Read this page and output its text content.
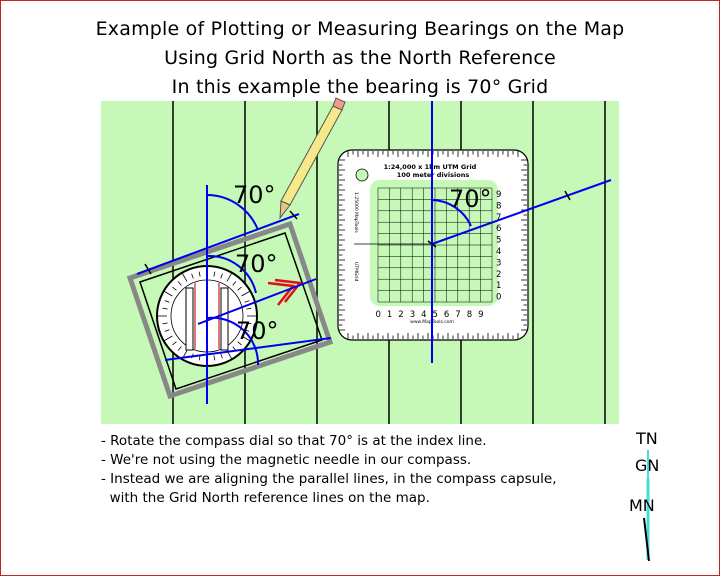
Example of Plotting or Measuring Bearings on the Map
Using Grid North as the North Reference
In this example the bearing is 70° Grid
1:24,000 x 1km UTM Grid
100 meter divisions
www.MapTools.com
1:25000 MapTools
UTMGrid
9
8
7
6
5
4
3
2
1
0
0 1 2 3 4 5 6 7 8 9
70°
70°
70°
70°
- Rotate the compass dial so that 70° is at the index line.
- We're not using the magnetic needle in our compass.
- Instead we are aligning the parallel lines, in the compass capsule,
with the Grid North reference lines on the map.
TN
GN
MN
